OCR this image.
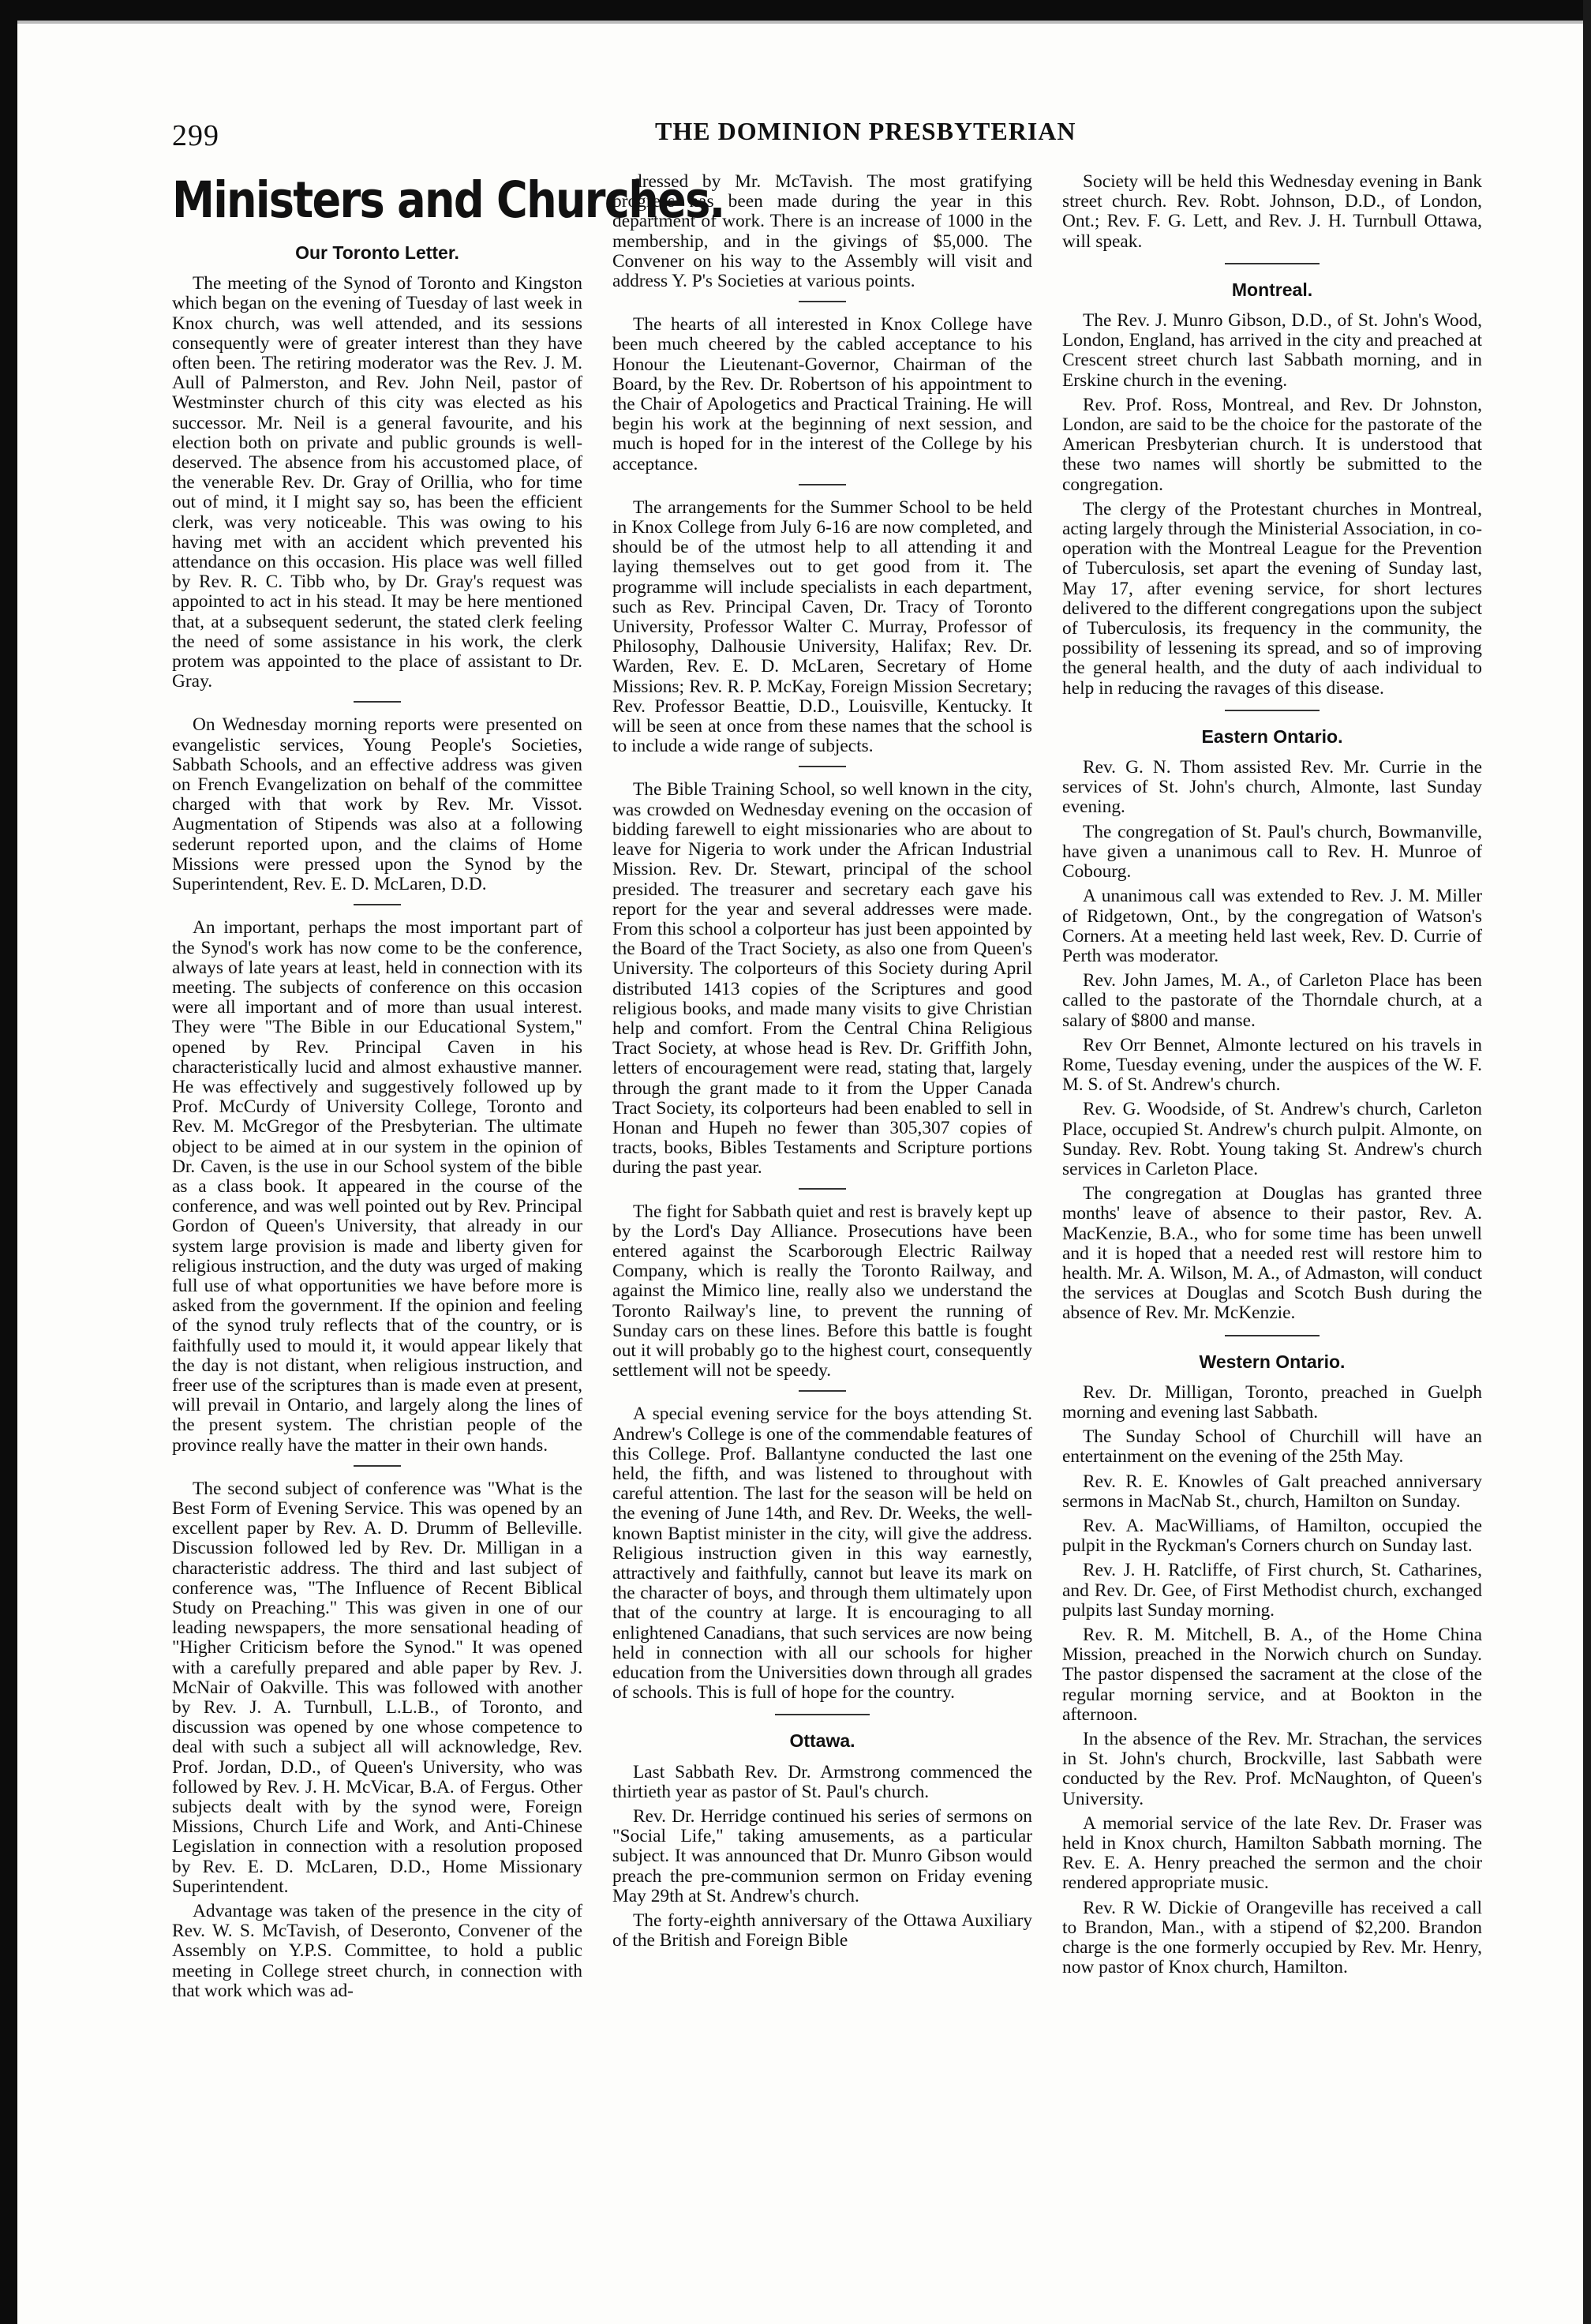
299	THE DOMINION PRESBYTERIAN
Ministers and Churches.
Our Toronto Letter.

The meeting of the Synod of Toronto and Kingston which began on the evening of Tuesday of last week in Knox church, was well attended, and its sessions consequently were of greater interest than they have often been. The retiring moderator was the Rev. J. M. Aull of Palmerston, and Rev. John Neil, pastor of Westminster church of this city was elected as his successor. Mr. Neil is a general favourite, and his election both on private and public grounds is well-deserved. The absence from his accustomed place, of the venerable Rev. Dr. Gray of Orillia, who for time out of mind, it I might say so, has been the efficient clerk, was very noticeable. This was owing to his having met with an accident which prevented his attendance on this occasion. His place was well filled by Rev. R. C. Tibb who, by Dr. Gray's request was appointed to act in his stead. It may be here mentioned that, at a subsequent sederunt, the stated clerk feeling the need of some assistance in his work, the clerk protem was appointed to the place of assistant to Dr. Gray.

On Wednesday morning reports were presented on evangelistic services, Young People's Societies, Sabbath Schools, and an effective address was given on French Evangelization on behalf of the committee charged with that work by Rev. Mr. Vissot. Augmentation of Stipends was also at a following sederunt reported upon, and the claims of Home Missions were pressed upon the Synod by the Superintendent, Rev. E. D. McLaren, D.D.

An important, perhaps the most important part of the Synod's work has now come to be the conference, always of late years at least, held in connection with its meeting. The subjects of conference on this occasion were all important and of more than usual interest. They were "The Bible in our Educational System," opened by Rev. Principal Caven in his characteristically lucid and almost exhaustive manner. He was effectively and suggestively followed up by Prof. McCurdy of University College, Toronto and Rev. M. McGregor of the Presbyterian. The ultimate object to be aimed at in our system in the opinion of Dr. Caven, is the use in our School system of the bible as a class book. It appeared in the course of the conference, and was well pointed out by Rev. Principal Gordon of Queen's University, that already in our system large provision is made and liberty given for religious instruction, and the duty was urged of making full use of what opportunities we have before more is asked from the government. If the opinion and feeling of the synod truly reflects that of the country, or is faithfully used to mould it, it would appear likely that the day is not distant, when religious instruction, and freer use of the scriptures than is made even at present, will prevail in Ontario, and largely along the lines of the present system. The christian people of the province really have the matter in their own hands.

The second subject of conference was "What is the Best Form of Evening Service. This was opened by an excellent paper by Rev. A. D. Drumm of Belleville. Discussion followed led by Rev. Dr. Milligan in a characteristic address. The third and last subject of conference was, "The Influence of Recent Biblical Study on Preaching." This was given in one of our leading newspapers, the more sensational heading of "Higher Criticism before the Synod." It was opened with a carefully prepared and able paper by Rev. J. McNair of Oakville. This was followed with another by Rev. J. A. Turnbull, L.L.B., of Toronto, and discussion was opened by one whose competence to deal with such a subject all will acknowledge, Rev. Prof. Jordan, D.D., of Queen's University, who was followed by Rev. J. H. McVicar, B.A. of Fergus. Other subjects dealt with by the synod were, Foreign Missions, Church Life and Work, and Anti-Chinese Legislation in connection with a resolution proposed by Rev. E. D. McLaren, D.D., Home Missionary Superintendent.

Advantage was taken of the presence in the city of Rev. W. S. McTavish, of Deseronto, Convener of the Assembly on Y.P.S. Committee, to hold a public meeting in College street church, in connection with that work which was ad-

dressed by Mr. McTavish. The most gratifying progress has been made during the year in this department of work. There is an increase of 1000 in the membership, and in the givings of $5,000. The Convener on his way to the Assembly will visit and address Y. P's Societies at various points.

The hearts of all interested in Knox College have been much cheered by the cabled acceptance to his Honour the Lieutenant-Governor, Chairman of the Board, by the Rev. Dr. Robertson of his appointment to the Chair of Apologetics and Practical Training. He will begin his work at the beginning of next session, and much is hoped for in the interest of the College by his acceptance.

The arrangements for the Summer School to be held in Knox College from July 6-16 are now completed, and should be of the utmost help to all attending it and laying themselves out to get good from it. The programme will include specialists in each department, such as Rev. Principal Caven, Dr. Tracy of Toronto University, Professor Walter C. Murray, Professor of Philosophy, Dalhousie University, Halifax; Rev. Dr. Warden, Rev. E. D. McLaren, Secretary of Home Missions; Rev. R. P. McKay, Foreign Mission Secretary; Rev. Professor Beattie, D.D., Louisville, Kentucky. It will be seen at once from these names that the school is to include a wide range of subjects.

The Bible Training School, so well known in the city, was crowded on Wednesday evening on the occasion of bidding farewell to eight missionaries who are about to leave for Nigeria to work under the African Industrial Mission. Rev. Dr. Stewart, principal of the school presided. The treasurer and secretary each gave his report for the year and several addresses were made. From this school a colporteur has just been appointed by the Board of the Tract Society, as also one from Queen's University. The colporteurs of this Society during April distributed 1413 copies of the Scriptures and good religious books, and made many visits to give Christian help and comfort. From the Central China Religious Tract Society, at whose head is Rev. Dr. Griffith John, letters of encouragement were read, stating that, largely through the grant made to it from the Upper Canada Tract Society, its colporteurs had been enabled to sell in Honan and Hupeh no fewer than 305,307 copies of tracts, books, Bibles Testaments and Scripture portions during the past year.

The fight for Sabbath quiet and rest is bravely kept up by the Lord's Day Alliance. Prosecutions have been entered against the Scarborough Electric Railway Company, which is really the Toronto Railway, and against the Mimico line, really also we understand the Toronto Railway's line, to prevent the running of Sunday cars on these lines. Before this battle is fought out it will probably go to the highest court, consequently settlement will not be speedy.

A special evening service for the boys attending St. Andrew's College is one of the commendable features of this College. Prof. Ballantyne conducted the last one held, the fifth, and was listened to throughout with careful attention. The last for the season will be held on the evening of June 14th, and Rev. Dr. Weeks, the well-known Baptist minister in the city, will give the address. Religious instruction given in this way earnestly, attractively and faithfully, cannot but leave its mark on the character of boys, and through them ultimately upon that of the country at large. It is encouraging to all enlightened Canadians, that such services are now being held in connection with all our schools for higher education from the Universities down through all grades of schools. This is full of hope for the country.

Ottawa.

Last Sabbath Rev. Dr. Armstrong commenced the thirtieth year as pastor of St. Paul's church.

Rev. Dr. Herridge continued his series of sermons on "Social Life," taking amusements, as a particular subject. It was announced that Dr. Munro Gibson would preach the pre-communion sermon on Friday evening May 29th at St. Andrew's church.

The forty-eighth anniversary of the Ottawa Auxiliary of the British and Foreign Bible

Society will be held this Wednesday evening in Bank street church. Rev. Robt. Johnson, D.D., of London, Ont.; Rev. F. G. Lett, and Rev. J. H. Turnbull Ottawa, will speak.

Montreal.

The Rev. J. Munro Gibson, D.D., of St. John's Wood, London, England, has arrived in the city and preached at Crescent street church last Sabbath morning, and in Erskine church in the evening.

Rev. Prof. Ross, Montreal, and Rev. Dr Johnston, London, are said to be the choice for the pastorate of the American Presbyterian church. It is understood that these two names will shortly be submitted to the congregation.

The clergy of the Protestant churches in Montreal, acting largely through the Ministerial Association, in co-operation with the Montreal League for the Prevention of Tuberculosis, set apart the evening of Sunday last, May 17, after evening service, for short lectures delivered to the different congregations upon the subject of Tuberculosis, its frequency in the community, the possibility of lessening its spread, and so of improving the general health, and the duty of aach individual to help in reducing the ravages of this disease.

Eastern Ontario.

Rev. G. N. Thom assisted Rev. Mr. Currie in the services of St. John's church, Almonte, last Sunday evening.

The congregation of St. Paul's church, Bowmanville, have given a unanimous call to Rev. H. Munroe of Cobourg.

A unanimous call was extended to Rev. J. M. Miller of Ridgetown, Ont., by the congregation of Watson's Corners. At a meeting held last week, Rev. D. Currie of Perth was moderator.

Rev. John James, M. A., of Carleton Place has been called to the pastorate of the Thorndale church, at a salary of $800 and manse.

Rev Orr Bennet, Almonte lectured on his travels in Rome, Tuesday evening, under the auspices of the W. F. M. S. of St. Andrew's church.

Rev. G. Woodside, of St. Andrew's church, Carleton Place, occupied St. Andrew's church pulpit. Almonte, on Sunday. Rev. Robt. Young taking St. Andrew's church services in Carleton Place.

The congregation at Douglas has granted three months' leave of absence to their pastor, Rev. A. MacKenzie, B.A., who for some time has been unwell and it is hoped that a needed rest will restore him to health. Mr. A. Wilson, M. A., of Admaston, will conduct the services at Douglas and Scotch Bush during the absence of Rev. Mr. McKenzie.

Western Ontario.

Rev. Dr. Milligan, Toronto, preached in Guelph morning and evening last Sabbath.

The Sunday School of Churchill will have an entertainment on the evening of the 25th May.

Rev. R. E. Knowles of Galt preached anniversary sermons in MacNab St., church, Hamilton on Sunday.

Rev. A. MacWilliams, of Hamilton, occupied the pulpit in the Ryckman's Corners church on Sunday last.

Rev. J. H. Ratcliffe, of First church, St. Catharines, and Rev. Dr. Gee, of First Methodist church, exchanged pulpits last Sunday morning.

Rev. R. M. Mitchell, B. A., of the Home China Mission, preached in the Norwich church on Sunday. The pastor dispensed the sacrament at the close of the regular morning service, and at Bookton in the afternoon.

In the absence of the Rev. Mr. Strachan, the services in St. John's church, Brockville, last Sabbath were conducted by the Rev. Prof. McNaughton, of Queen's University.

A memorial service of the late Rev. Dr. Fraser was held in Knox church, Hamilton Sabbath morning. The Rev. E. A. Henry preached the sermon and the choir rendered appropriate music.

Rev. R W. Dickie of Orangeville has received a call to Brandon, Man., with a stipend of $2,200. Brandon charge is the one formerly occupied by Rev. Mr. Henry, now pastor of Knox church, Hamilton.
